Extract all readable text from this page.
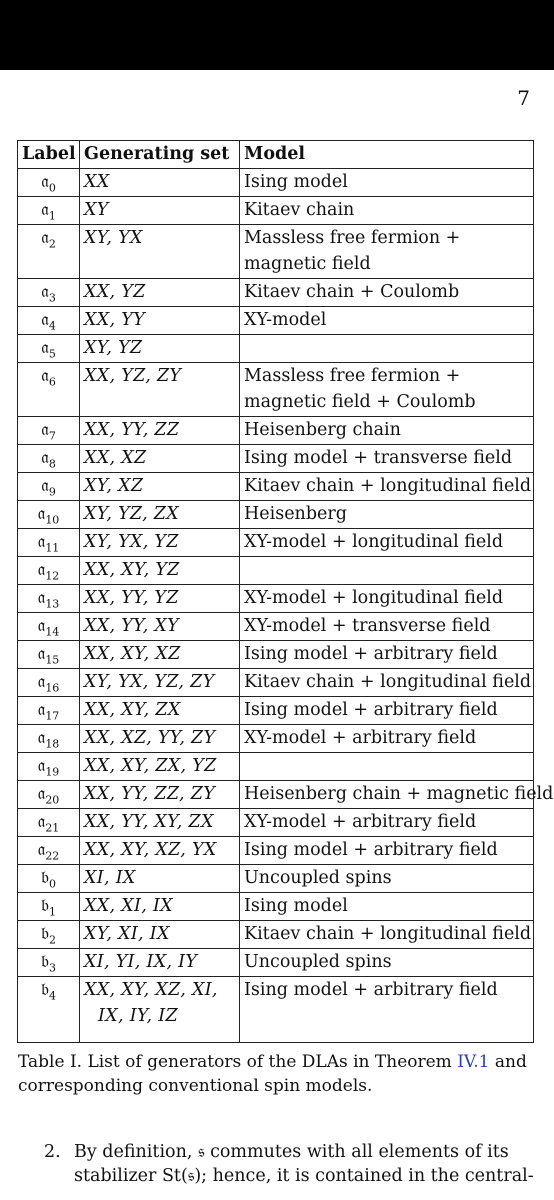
7
Label	Generating set	Model
𝔞$_0$	XX	Ising model

𝔞$_1$	XY	Kitaev chain

𝔞$_2$	XY, YX	Massless free fermion +
magnetic field

𝔞$_3$	XX, YZ	Kitaev chain + Coulomb

𝔞$_4$	XX, YY	XY-model

𝔞$_5$	XY, YZ	

𝔞$_6$	XX, YZ, ZY	Massless free fermion +
magnetic field + Coulomb

𝔞$_7$	XX, YY, ZZ	Heisenberg chain

𝔞$_8$	XX, XZ	Ising model + transverse field

𝔞$_9$	XY, XZ	Kitaev chain + longitudinal field

𝔞$_{10}$	XY, YZ, ZX	Heisenberg

𝔞$_{11}$	XY, YX, YZ	XY-model + longitudinal field

𝔞$_{12}$	XX, XY, YZ	

𝔞$_{13}$	XX, YY, YZ	XY-model + longitudinal field

𝔞$_{14}$	XX, YY, XY	XY-model + transverse field

𝔞$_{15}$	XX, XY, XZ	Ising model + arbitrary field

𝔞$_{16}$	XY, YX, YZ, ZY	Kitaev chain + longitudinal field

𝔞$_{17}$	XX, XY, ZX	Ising model + arbitrary field

𝔞$_{18}$	XX, XZ, YY, ZY	XY-model + arbitrary field

𝔞$_{19}$	XX, XY, ZX, YZ	

𝔞$_{20}$	XX, YY, ZZ, ZY	Heisenberg chain + magnetic field

𝔞$_{21}$	XX, YY, XY, ZX	XY-model + arbitrary field

𝔞$_{22}$	XX, XY, XZ, YX	Ising model + arbitrary field

𝔟$_0$	XI, IX	Uncoupled spins

𝔟$_1$	XX, XI, IX	Ising model

𝔟$_2$	XY, XI, IX	Kitaev chain + longitudinal field

𝔟$_3$	XI, YI, IX, IY	Uncoupled spins

𝔟$_4$	XX, XY, XZ, XI,
IX, IY, IZ	Ising model + arbitrary field
Table I. List of generators of the DLAs in Theorem IV.1 and corresponding conventional spin models.
2. By definition, 𝔰 commutes with all elements of its stabilizer St(𝔰); hence, it is contained in the central-
